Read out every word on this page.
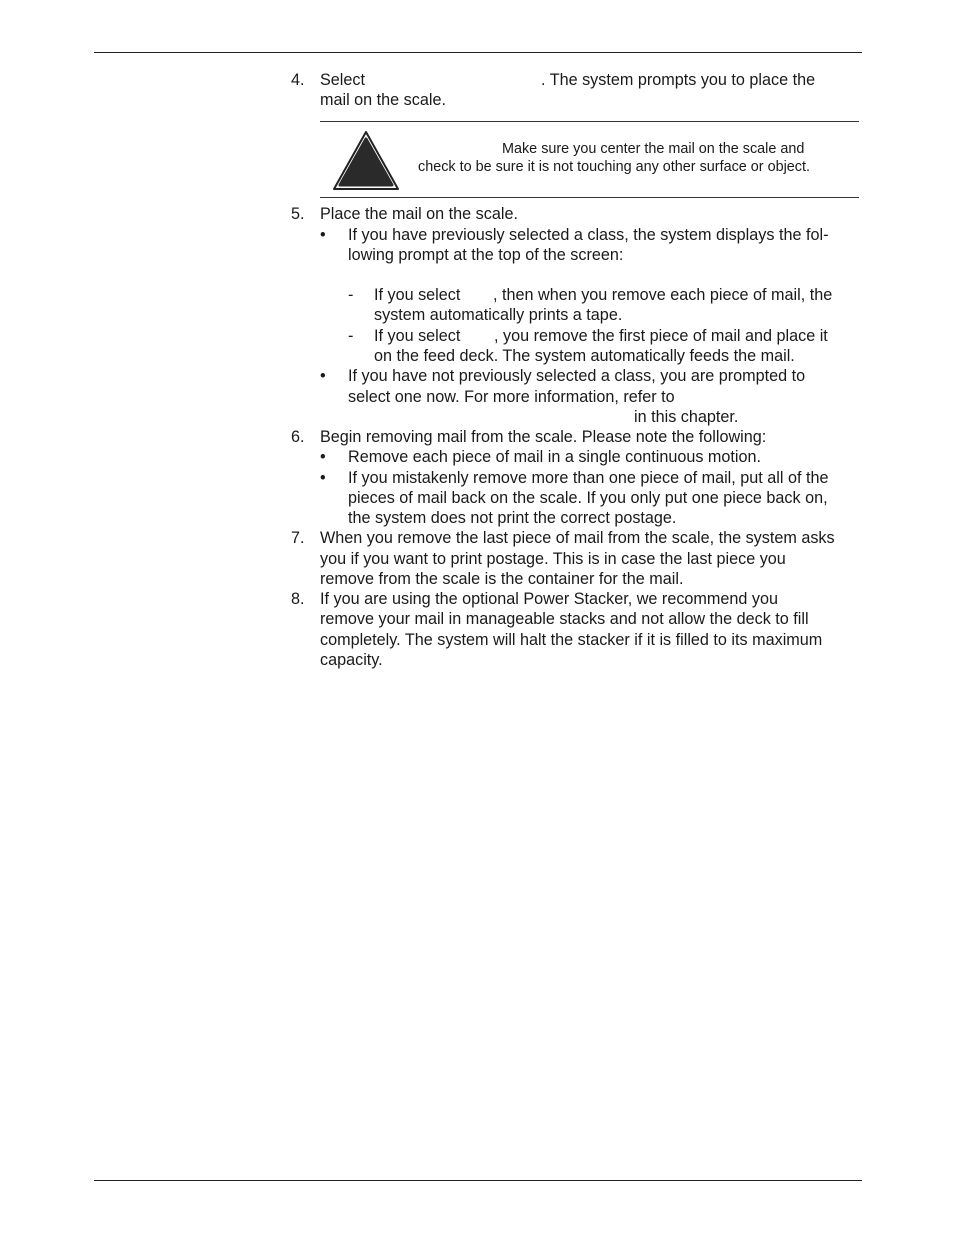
4. Select	. The system prompts you to place the
mail on the scale.
Make sure you center the mail on the scale and
check to be sure it is not touching any other surface or object.
5. Place the mail on the scale.
• If you have previously selected a class, the system displays the fol-
lowing prompt at the top of the screen:
- If you select , then when you remove each piece of mail, the
system automatically prints a tape.
- If you select , you remove the first piece of mail and place it
on the feed deck. The system automatically feeds the mail.
• If you have not previously selected a class, you are prompted to
select one now. For more information, refer to
in this chapter.
6. Begin removing mail from the scale. Please note the following:
• Remove each piece of mail in a single continuous motion.
• If you mistakenly remove more than one piece of mail, put all of the
pieces of mail back on the scale. If you only put one piece back on,
the system does not print the correct postage.
7. When you remove the last piece of mail from the scale, the system asks
you if you want to print postage. This is in case the last piece you
remove from the scale is the container for the mail.
8. If you are using the optional Power Stacker, we recommend you
remove your mail in manageable stacks and not allow the deck to fill
completely. The system will halt the stacker if it is filled to its maximum
capacity.
